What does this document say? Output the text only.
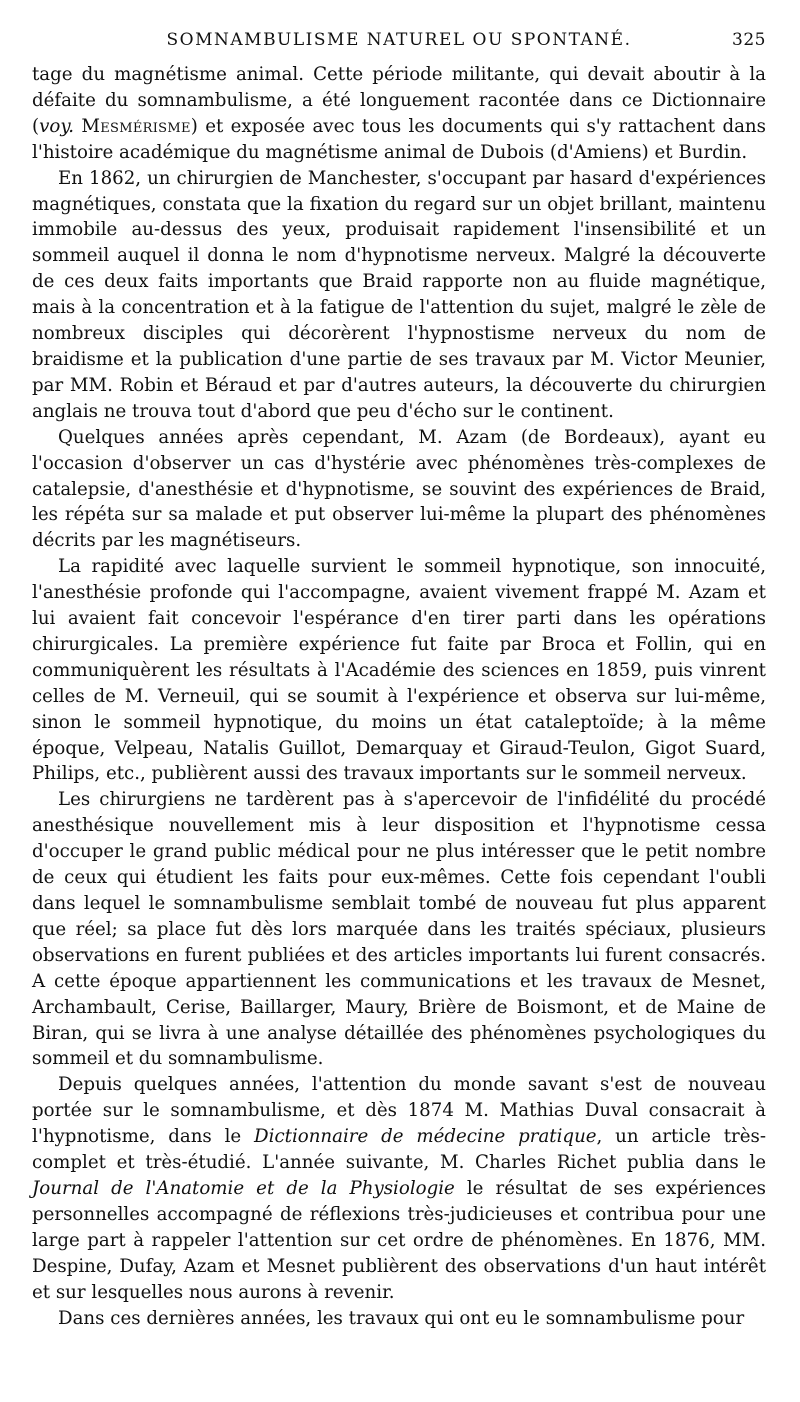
SOMNAMBULISME NATUREL OU SPONTANÉ.	325

tage du magnétisme animal. Cette période militante, qui devait aboutir à la défaite du somnambulisme, a été longuement racontée dans ce Dictionnaire (voy. Mesmérisme) et exposée avec tous les documents qui s'y rattachent dans l'histoire académique du magnétisme animal de Dubois (d'Amiens) et Burdin.

En 1862, un chirurgien de Manchester, s'occupant par hasard d'expériences magnétiques, constata que la fixation du regard sur un objet brillant, maintenu immobile au-dessus des yeux, produisait rapidement l'insensibilité et un sommeil auquel il donna le nom d'hypnotisme nerveux. Malgré la découverte de ces deux faits importants que Braid rapporte non au fluide magnétique, mais à la concentration et à la fatigue de l'attention du sujet, malgré le zèle de nombreux disciples qui décorèrent l'hypnostisme nerveux du nom de braidisme et la publication d'une partie de ses travaux par M. Victor Meunier, par MM. Robin et Béraud et par d'autres auteurs, la découverte du chirurgien anglais ne trouva tout d'abord que peu d'écho sur le continent.

Quelques années après cependant, M. Azam (de Bordeaux), ayant eu l'occasion d'observer un cas d'hystérie avec phénomènes très-complexes de catalepsie, d'anesthésie et d'hypnotisme, se souvint des expériences de Braid, les répéta sur sa malade et put observer lui-même la plupart des phénomènes décrits par les magnétiseurs.

La rapidité avec laquelle survient le sommeil hypnotique, son innocuité, l'anesthésie profonde qui l'accompagne, avaient vivement frappé M. Azam et lui avaient fait concevoir l'espérance d'en tirer parti dans les opérations chirurgicales. La première expérience fut faite par Broca et Follin, qui en communiquèrent les résultats à l'Académie des sciences en 1859, puis vinrent celles de M. Verneuil, qui se soumit à l'expérience et observa sur lui-même, sinon le sommeil hypnotique, du moins un état cataleptoïde; à la même époque, Velpeau, Natalis Guillot, Demarquay et Giraud-Teulon, Gigot Suard, Philips, etc., publièrent aussi des travaux importants sur le sommeil nerveux.

Les chirurgiens ne tardèrent pas à s'apercevoir de l'infidélité du procédé anesthésique nouvellement mis à leur disposition et l'hypnotisme cessa d'occuper le grand public médical pour ne plus intéresser que le petit nombre de ceux qui étudient les faits pour eux-mêmes. Cette fois cependant l'oubli dans lequel le somnambulisme semblait tombé de nouveau fut plus apparent que réel; sa place fut dès lors marquée dans les traités spéciaux, plusieurs observations en furent publiées et des articles importants lui furent consacrés. A cette époque appartiennent les communications et les travaux de Mesnet, Archambault, Cerise, Baillarger, Maury, Brière de Boismont, et de Maine de Biran, qui se livra à une analyse détaillée des phénomènes psychologiques du sommeil et du somnambulisme.

Depuis quelques années, l'attention du monde savant s'est de nouveau portée sur le somnambulisme, et dès 1874 M. Mathias Duval consacrait à l'hypnotisme, dans le Dictionnaire de médecine pratique, un article très-complet et très-étudié. L'année suivante, M. Charles Richet publia dans le Journal de l'Anatomie et de la Physiologie le résultat de ses expériences personnelles accompagné de réflexions très-judicieuses et contribua pour une large part à rappeler l'attention sur cet ordre de phénomènes. En 1876, MM. Despine, Dufay, Azam et Mesnet publièrent des observations d'un haut intérêt et sur lesquelles nous aurons à revenir.

Dans ces dernières années, les travaux qui ont eu le somnambulisme pour
